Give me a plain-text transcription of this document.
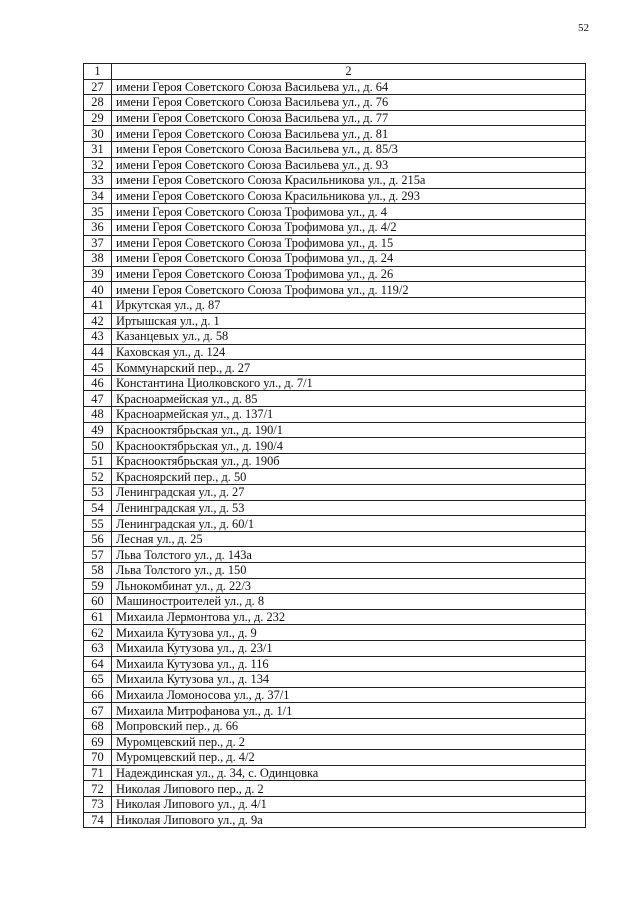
52
1	2
27	имени Героя Советского Союза Васильева ул., д. 64
28	имени Героя Советского Союза Васильева ул., д. 76
29	имени Героя Советского Союза Васильева ул., д. 77
30	имени Героя Советского Союза Васильева ул., д. 81
31	имени Героя Советского Союза Васильева ул., д. 85/3
32	имени Героя Советского Союза Васильева ул., д. 93
33	имени Героя Советского Союза Красильникова ул., д. 215а
34	имени Героя Советского Союза Красильникова ул., д. 293
35	имени Героя Советского Союза Трофимова ул., д. 4
36	имени Героя Советского Союза Трофимова ул., д. 4/2
37	имени Героя Советского Союза Трофимова ул., д. 15
38	имени Героя Советского Союза Трофимова ул., д. 24
39	имени Героя Советского Союза Трофимова ул., д. 26
40	имени Героя Советского Союза Трофимова ул., д. 119/2
41	Иркутская ул., д. 87
42	Иртышская ул., д. 1
43	Казанцевых ул., д. 58
44	Каховская ул., д. 124
45	Коммунарский пер., д. 27
46	Константина Циолковского ул., д. 7/1
47	Красноармейская ул., д. 85
48	Красноармейская ул., д. 137/1
49	Краснооктябрьская ул., д. 190/1
50	Краснооктябрьская ул., д. 190/4
51	Краснооктябрьская ул., д. 190б
52	Красноярский пер., д. 50
53	Ленинградская ул., д. 27
54	Ленинградская ул., д. 53
55	Ленинградская ул., д. 60/1
56	Лесная ул., д. 25
57	Льва Толстого ул., д. 143а
58	Льва Толстого ул., д. 150
59	Льнокомбинат ул., д. 22/3
60	Машиностроителей ул., д. 8
61	Михаила Лермонтова ул., д. 232
62	Михаила Кутузова ул., д. 9
63	Михаила Кутузова ул., д. 23/1
64	Михаила Кутузова ул., д. 116
65	Михаила Кутузова ул., д. 134
66	Михаила Ломоносова ул., д. 37/1
67	Михаила Митрофанова ул., д. 1/1
68	Мопровский пер., д. 66
69	Муромцевский пер., д. 2
70	Муромцевский пер., д. 4/2
71	Надеждинская ул., д. 34, с. Одинцовка
72	Николая Липового пер., д. 2
73	Николая Липового ул., д. 4/1
74	Николая Липового ул., д. 9а
